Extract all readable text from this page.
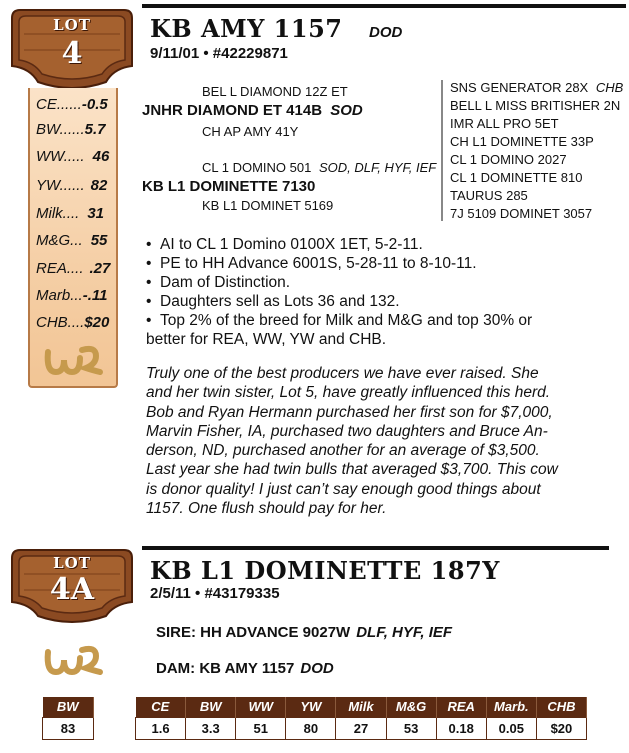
LOT
4
CE......-0.5
BW......5.7
WW..... 46
YW...... 82
Milk.... 31
M&G... 55
REA.... .27
Marb...-.11
CHB....$20
KB AMY 1157 DOD
9/11/01 • #42229871
BEL L DIAMOND 12Z ET
JNHR DIAMOND ET 414B SOD
CH AP AMY 41Y
CL 1 DOMINO 501 SOD, DLF, HYF, IEF
KB L1 DOMINETTE 7130
KB L1 DOMINET 5169
SNS GENERATOR 28X CHB
BELL L MISS BRITISHER 2N
IMR ALL PRO 5ET
CH L1 DOMINETTE 33P
CL 1 DOMINO 2027
CL 1 DOMINETTE 810
TAURUS 285
7J 5109 DOMINET 3057
• AI to CL 1 Domino 0100X 1ET, 5-2-11.
• PE to HH Advance 6001S, 5-28-11 to 8-10-11.
• Dam of Distinction.
• Daughters sell as Lots 36 and 132.
• Top 2% of the breed for Milk and M&G and top 30% or
better for REA, WW, YW and CHB.
Truly one of the best producers we have ever raised. She
and her twin sister, Lot 5, have greatly influenced this herd.
Bob and Ryan Hermann purchased her first son for $7,000,
Marvin Fisher, IA, purchased two daughters and Bruce An-
derson, ND, purchased another for an average of $3,500.
Last year she had twin bulls that averaged $3,700. This cow
is donor quality! I just can’t say enough good things about
1157. One flush should pay for her.
LOT
4A
KB L1 DOMINETTE 187Y
2/5/11 • #43179335
SIRE: HH ADVANCE 9027W DLF, HYF, IEF
DAM: KB AMY 1157 DOD
BW
83
CE	BW	WW	YW	Milk	M&G	REA	Marb.	CHB
1.6	3.3	51	80	27	53	0.18	0.05	$20
